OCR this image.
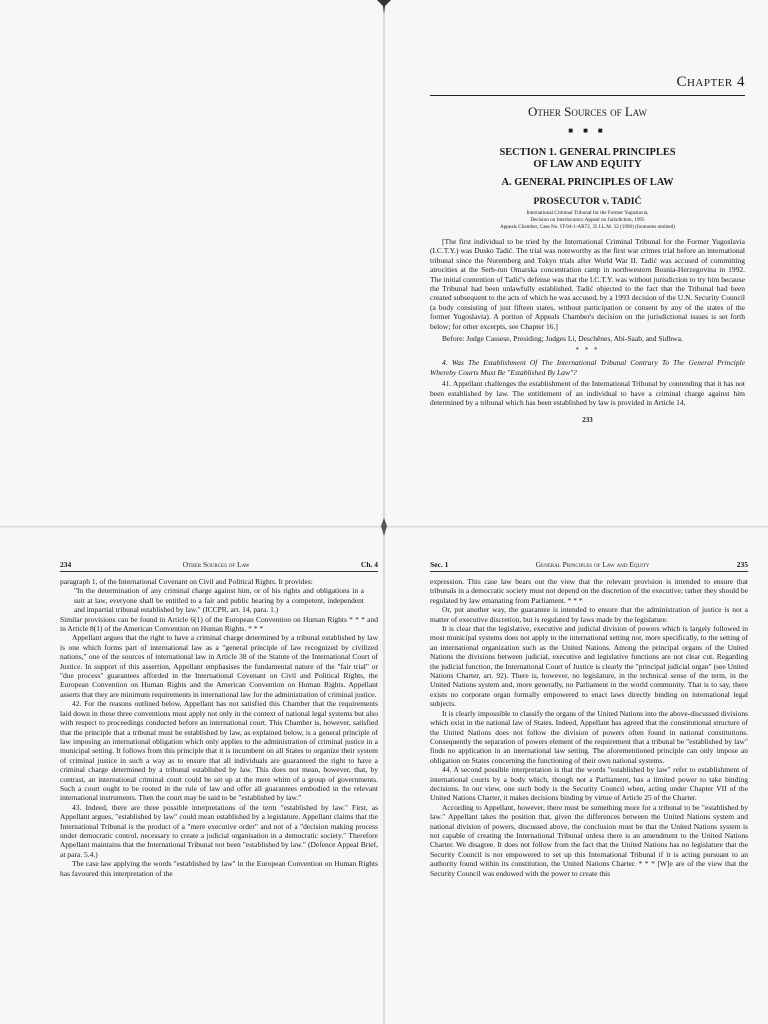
Chapter 4
Other Sources of Law
■ ■ ■

SECTION 1. GENERAL PRINCIPLES

OF LAW AND EQUITY

A. GENERAL PRINCIPLES OF LAW

PROSECUTOR v. TADIĆ

International Criminal Tribunal for the Former Yugoslavia,
Decision on Interlocutory Appeal on Jurisdiction, 1995
Appeals Chamber, Case No. IT-94-1-AR72, 35 I.L.M. 32 (1996) (footnotes omitted)

[The first individual to be tried by the International Criminal Tribunal for the Former Yugoslavia (I.C.T.Y.) was Dusko Tadić. The trial was noteworthy as the first war crimes trial before an international tribunal since the Nuremberg and Tokyo trials after World War II. Tadić was accused of committing atrocities at the Serb-run Omarska concentration camp in northwestern Bosnia-Herzegovina in 1992. The initial contention of Tadić's defense was that the I.C.T.Y. was without jurisdiction to try him because the Tribunal had been unlawfully established. Tadić objected to the fact that the Tribunal had been created subsequent to the acts of which he was accused, by a 1993 decision of the U.N. Security Council (a body consisting of just fifteen states, without participation or consent by any of the states of the former Yugoslavia). A portion of Appeals Chamber's decision on the jurisdictional issues is set forth below; for other excerpts, see Chapter 16.]

Before: Judge Cassese, Presiding; Judges Li, Deschênes, Abi-Saab, and Sidhwa.

* * *

4. Was The Establishment Of The International Tribunal Contrary To The General Principle Whereby Courts Must Be "Established By Law"?

41. Appellant challenges the establishment of the International Tribunal by contending that it has not been established by law. The entitlement of an individual to have a criminal charge against him determined by a tribunal which has been established by law is provided in Article 14,

233
234	Other Sources of Law	Ch. 4

paragraph 1, of the International Covenant on Civil and Political Rights. It provides:

"In the determination of any criminal charge against him, or of his rights and obligations in a suit at law, everyone shall be entitled to a fair and public hearing by a competent, independent and impartial tribunal established by law." (ICCPR, art. 14, para. 1.)

Similar provisions can be found in Article 6(1) of the European Convention on Human Rights * * * and in Article 8(1) of the American Convention on Human Rights. * * *

Appellant argues that the right to have a criminal charge determined by a tribunal established by law is one which forms part of international law as a "general principle of law recognized by civilized nations," one of the sources of international law in Article 38 of the Statute of the International Court of Justice. In support of this assertion, Appellant emphasises the fundamental nature of the "fair trial" or "due process" guarantees afforded in the International Covenant on Civil and Political Rights, the European Convention on Human Rights and the American Convention on Human Rights. Appellant asserts that they are minimum requirements in international law for the administration of criminal justice.

42. For the reasons outlined below, Appellant has not satisfied this Chamber that the requirements laid down in these three conventions must apply not only in the context of national legal systems but also with respect to proceedings conducted before an international court. This Chamber is, however, satisfied that the principle that a tribunal must be established by law, as explained below, is a general principle of law imposing an international obligation which only applies to the administration of criminal justice in a municipal setting. It follows from this principle that it is incumbent on all States to organize their system of criminal justice in such a way as to ensure that all individuals are guaranteed the right to have a criminal charge determined by a tribunal established by law. This does not mean, however, that, by contrast, an international criminal court could be set up at the mere whim of a group of governments. Such a court ought to be rooted in the rule of law and offer all guarantees embodied in the relevant international instruments. Then the court may be said to be "established by law."

43. Indeed, there are three possible interpretations of the term "established by law." First, as Appellant argues, "established by law" could mean established by a legislature. Appellant claims that the International Tribunal is the product of a "mere executive order" and not of a "decision making process under democratic control, necessary to create a judicial organisation in a democratic society." Therefore Appellant maintains that the International Tribunal not been "established by law." (Defence Appeal Brief, at para. 5.4.)

The case law applying the words "established by law" in the European Convention on Human Rights has favoured this interpretation of the

Sec. 1	General Principles of Law and Equity	235

expression. This case law bears out the view that the relevant provision is intended to ensure that tribunals in a democratic society must not depend on the discretion of the executive; rather they should be regulated by law emanating from Parliament. * * *

Or, put another way, the guarantee is intended to ensure that the administration of justice is not a matter of executive discretion, but is regulated by laws made by the legislature.

It is clear that the legislative, executive and judicial division of powers which is largely followed in most municipal systems does not apply to the international setting nor, more specifically, to the setting of an international organization such as the United Nations. Among the principal organs of the United Nations the divisions between judicial, executive and legislative functions are not clear cut. Regarding the judicial function, the International Court of Justice is clearly the "principal judicial organ" (see United Nations Charter, art. 92). There is, however, no legislature, in the technical sense of the term, in the United Nations system and, more generally, no Parliament in the world community. That is to say, there exists no corporate organ formally empowered to enact laws directly binding on international legal subjects.

It is clearly impossible to classify the organs of the United Nations into the above-discussed divisions which exist in the national law of States. Indeed, Appellant has agreed that the constitutional structure of the United Nations does not follow the division of powers often found in national constitutions. Consequently the separation of powers element of the requirement that a tribunal be "established by law" finds no application in an international law setting. The aforementioned principle can only impose an obligation on States concerning the functioning of their own national systems.

44. A second possible interpretation is that the words "established by law" refer to establishment of international courts by a body which, though not a Parliament, has a limited power to take binding decisions. In our view, one such body is the Security Council when, acting under Chapter VII of the United Nations Charter, it makes decisions binding by virtue of Article 25 of the Charter.

According to Appellant, however, there must be something more for a tribunal to be "established by law." Appellant takes the position that, given the differences between the United Nations system and national division of powers, discussed above, the conclusion must be that the United Nations system is not capable of creating the International Tribunal unless there is an amendment to the United Nations Charter. We disagree. It does not follow from the fact that the United Nations has no legislature that the Security Council is not empowered to set up this International Tribunal if it is acting pursuant to an authority found within its constitution, the United Nations Charter. * * * [W]e are of the view that the Security Council was endowed with the power to create this
